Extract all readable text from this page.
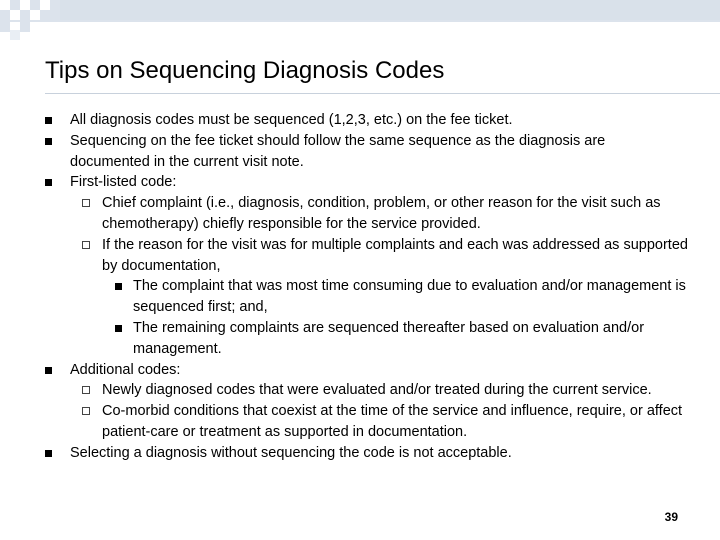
Tips on Sequencing Diagnosis Codes

All diagnosis codes must be sequenced (1,2,3, etc.) on the fee ticket.

Sequencing on the fee ticket should follow the same sequence as the diagnosis are documented in the current visit note.

First-listed code:

Chief complaint (i.e., diagnosis, condition, problem, or other reason for the visit such as chemotherapy) chiefly responsible for the service provided.

If the reason for the visit was for multiple complaints and each was addressed as supported by documentation,

The complaint that was most time consuming due to evaluation and/or management is sequenced first; and,

The remaining complaints are sequenced thereafter based on evaluation and/or management.

Additional codes:

Newly diagnosed codes that were evaluated and/or treated during the current service.

Co-morbid conditions that coexist at the time of the service and influence, require, or affect patient-care or treatment as supported in documentation.

Selecting a diagnosis without sequencing the code is not acceptable.

39
